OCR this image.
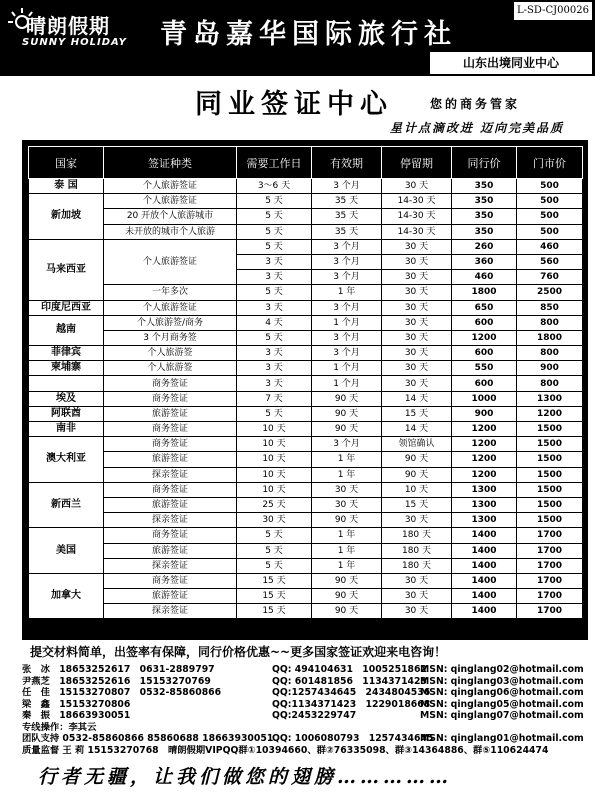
晴朗假期
SUNNY HOLIDAY 青岛嘉华国际旅行社
L-SD-CJ00026
山东出境同业中心
同业签证中心	您的商务管家
星计点滴改进 迈向完美品质
国家	签证种类	需要工作日	有效期	停留期	同行价	门市价
泰 国	个人旅游签证	3～6 天	3 个月	30 天	350	500
新加坡	个人旅游签证	5 天	35 天	14-30 天	350	500
	20 开放个人旅游城市	5 天	35 天	14-30 天	350	500
	未开放的城市个人旅游	5 天	35 天	14-30 天	350	500
马来西亚	个人旅游签证	5 天	3 个月	30 天	260	460
		3 天	3 个月	30 天	360	560
		3 天	3 个月	30 天	460	760
	一年多次	5 天	1 年	30 天	1800	2500
印度尼西亚	个人旅游签证	3 天	3 个月	30 天	650	850
越南	个人旅游签/商务	4 天	1 个月	30 天	600	800
	3 个月商务签	5 天	3 个月	30 天	1200	1800
菲律宾	个人旅游签	3 天	3 个月	30 天	600	800
柬埔寨	个人旅游签	3 天	1 个月	30 天	550	900
	商务签证	3 天	1 个月	30 天	600	800
埃及	商务签证	7 天	90 天	14 天	1000	1300
阿联酋	旅游签证	5 天	90 天	15 天	900	1200
南非	商务签证	10 天	90 天	14 天	1200	1500
澳大利亚	商务签证	10 天	3 个月	领馆确认	1200	1500
	旅游签证	10 天	1 年	90 天	1200	1500
	探亲签证	10 天	1 年	90 天	1200	1500
新西兰	商务签证	10 天	30 天	10 天	1300	1500
	旅游签证	25 天	30 天	15 天	1300	1500
	探亲签证	30 天	90 天	30 天	1300	1500
美国	商务签证	5 天	1 年	180 天	1400	1700
	旅游签证	5 天	1 年	180 天	1400	1700
	探亲签证	5 天	1 年	180 天	1400	1700
加拿大	商务签证	15 天	90 天	30 天	1400	1700
	旅游签证	15 天	90 天	30 天	1400	1700
	探亲签证	15 天	90 天	30 天	1400	1700
提交材料简单，出签率有保障，同行价格优惠~~更多国家签证欢迎来电咨询！
张　冰　18653252617　0631-2889797	QQ: 494104631　1005251862
MSN: qinglang02@hotmail.com
尹燕芝　18653252616　15153270769	QQ: 601481856　1134371423
MSN: qinglang03@hotmail.com
任　佳　15153270807　0532-85860866	QQ:1257434645　2434804536
MSN: qinglang06@hotmail.com
梁　鑫　15153270806	QQ:1134371423　1229018668
MSN: qinglang05@hotmail.com
秦　振　18663930051	QQ:2453229747	MSN: qinglang07@hotmail.com
专线操作：李其云
团队支持 0532-85860866 85860688 18663930051
QQ: 1006080793　1257434645
MSN: qinglang01@hotmail.com
质量监督 王 莉 15153270768　晴朗假期VIPQQ群①10394660、群②76335098、群③14364886、群⑤110624474
行者无疆，让我们做您的翅膀……………
